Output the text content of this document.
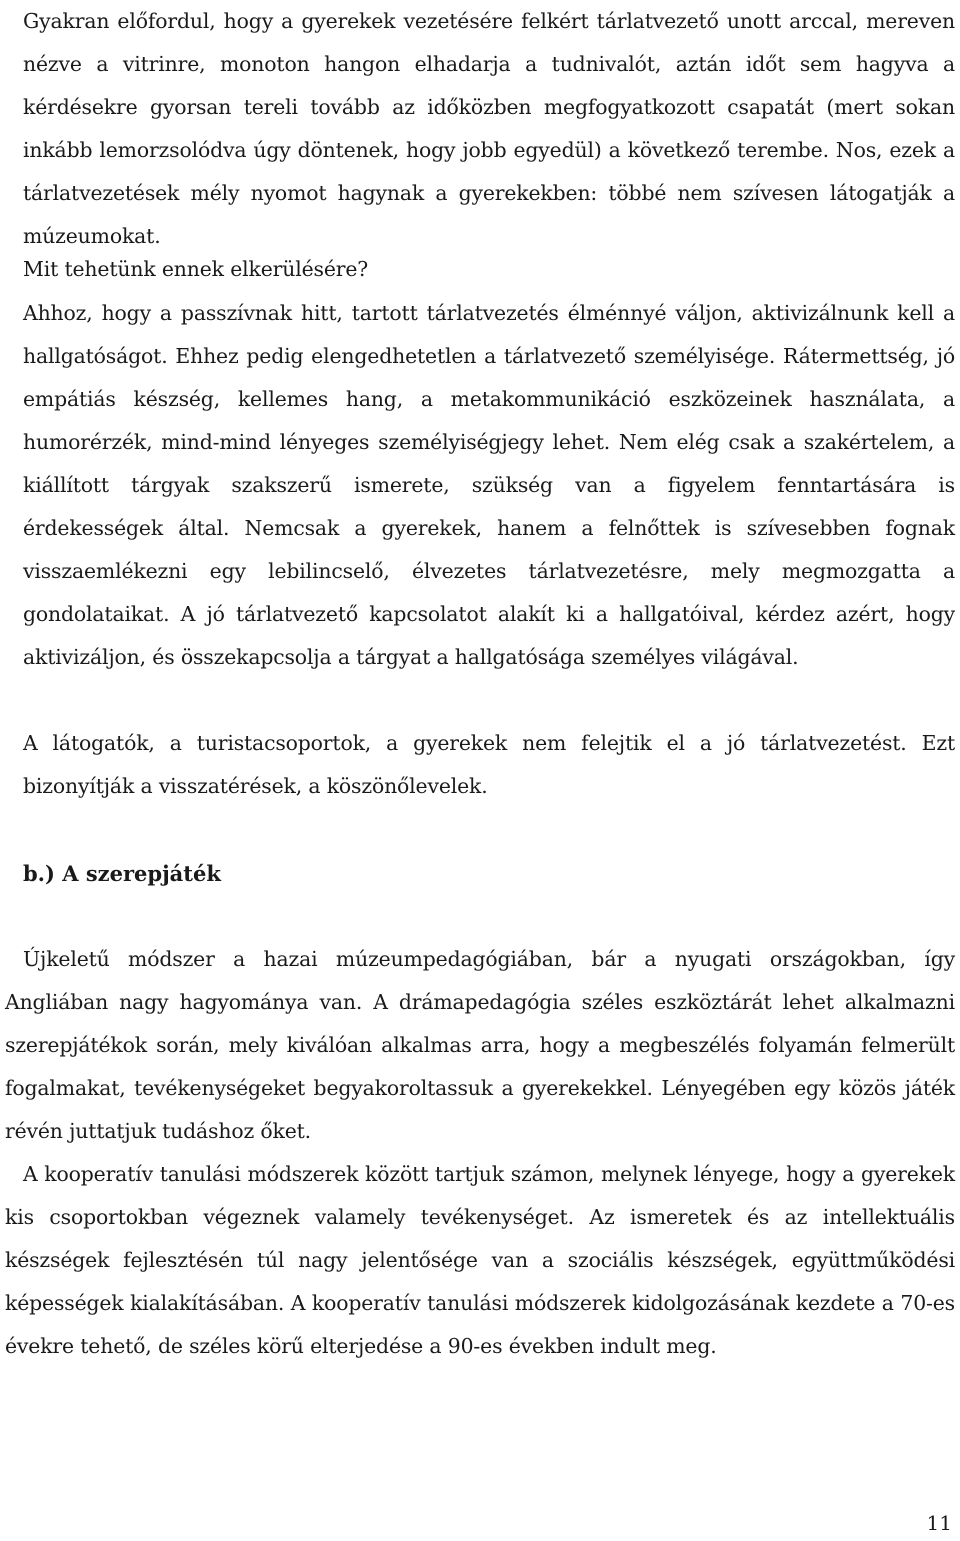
Gyakran előfordul, hogy a gyerekek vezetésére felkért tárlatvezető unott arccal, mereven nézve a vitrinre, monoton hangon elhadarja a tudnivalót, aztán időt sem hagyva a kérdésekre gyorsan tereli tovább az időközben megfogyatkozott csapatát (mert sokan inkább lemorzsolódva úgy döntenek, hogy jobb egyedül) a következő terembe. Nos, ezek a tárlatvezetések mély nyomot hagynak a gyerekekben: többé nem szívesen látogatják a múzeumokat.

Mit tehetünk ennek elkerülésére?

Ahhoz, hogy a passzívnak hitt, tartott tárlatvezetés élménnyé váljon, aktivizálnunk kell a hallgatóságot. Ehhez pedig elengedhetetlen a tárlatvezető személyisége. Rátermettség, jó empátiás készség, kellemes hang, a metakommunikáció eszközeinek használata, a humorérzék, mind-mind lényeges személyiségjegy lehet. Nem elég csak a szakértelem, a kiállított tárgyak szakszerű ismerete, szükség van a figyelem fenntartására is érdekességek által. Nemcsak a gyerekek, hanem a felnőttek is szívesebben fognak visszaemlékezni egy lebilincselő, élvezetes tárlatvezetésre, mely megmozgatta a gondolataikat. A jó tárlatvezető kapcsolatot alakít ki a hallgatóival, kérdez azért, hogy aktivizáljon, és összekapcsolja a tárgyat a hallgatósága személyes világával.

A látogatók, a turistacsoportok, a gyerekek nem felejtik el a jó tárlatvezetést. Ezt bizonyítják a visszatérések, a köszönőlevelek.

b.) A szerepjáték

Újkeletű módszer a hazai múzeumpedagógiában, bár a nyugati országokban, így Angliában nagy hagyománya van. A drámapedagógia széles eszköztárát lehet alkalmazni szerepjátékok során, mely kiválóan alkalmas arra, hogy a megbeszélés folyamán felmerült fogalmakat, tevékenységeket begyakoroltassuk a gyerekekkel. Lényegében egy közös játék révén juttatjuk tudáshoz őket.

A kooperatív tanulási módszerek között tartjuk számon, melynek lényege, hogy a gyerekek kis csoportokban végeznek valamely tevékenységet. Az ismeretek és az intellektuális készségek fejlesztésén túl nagy jelentősége van a szociális készségek, együttműködési képességek kialakításában. A kooperatív tanulási módszerek kidolgozásának kezdete a 70-es évekre tehető, de széles körű elterjedése a 90-es években indult meg.

11
